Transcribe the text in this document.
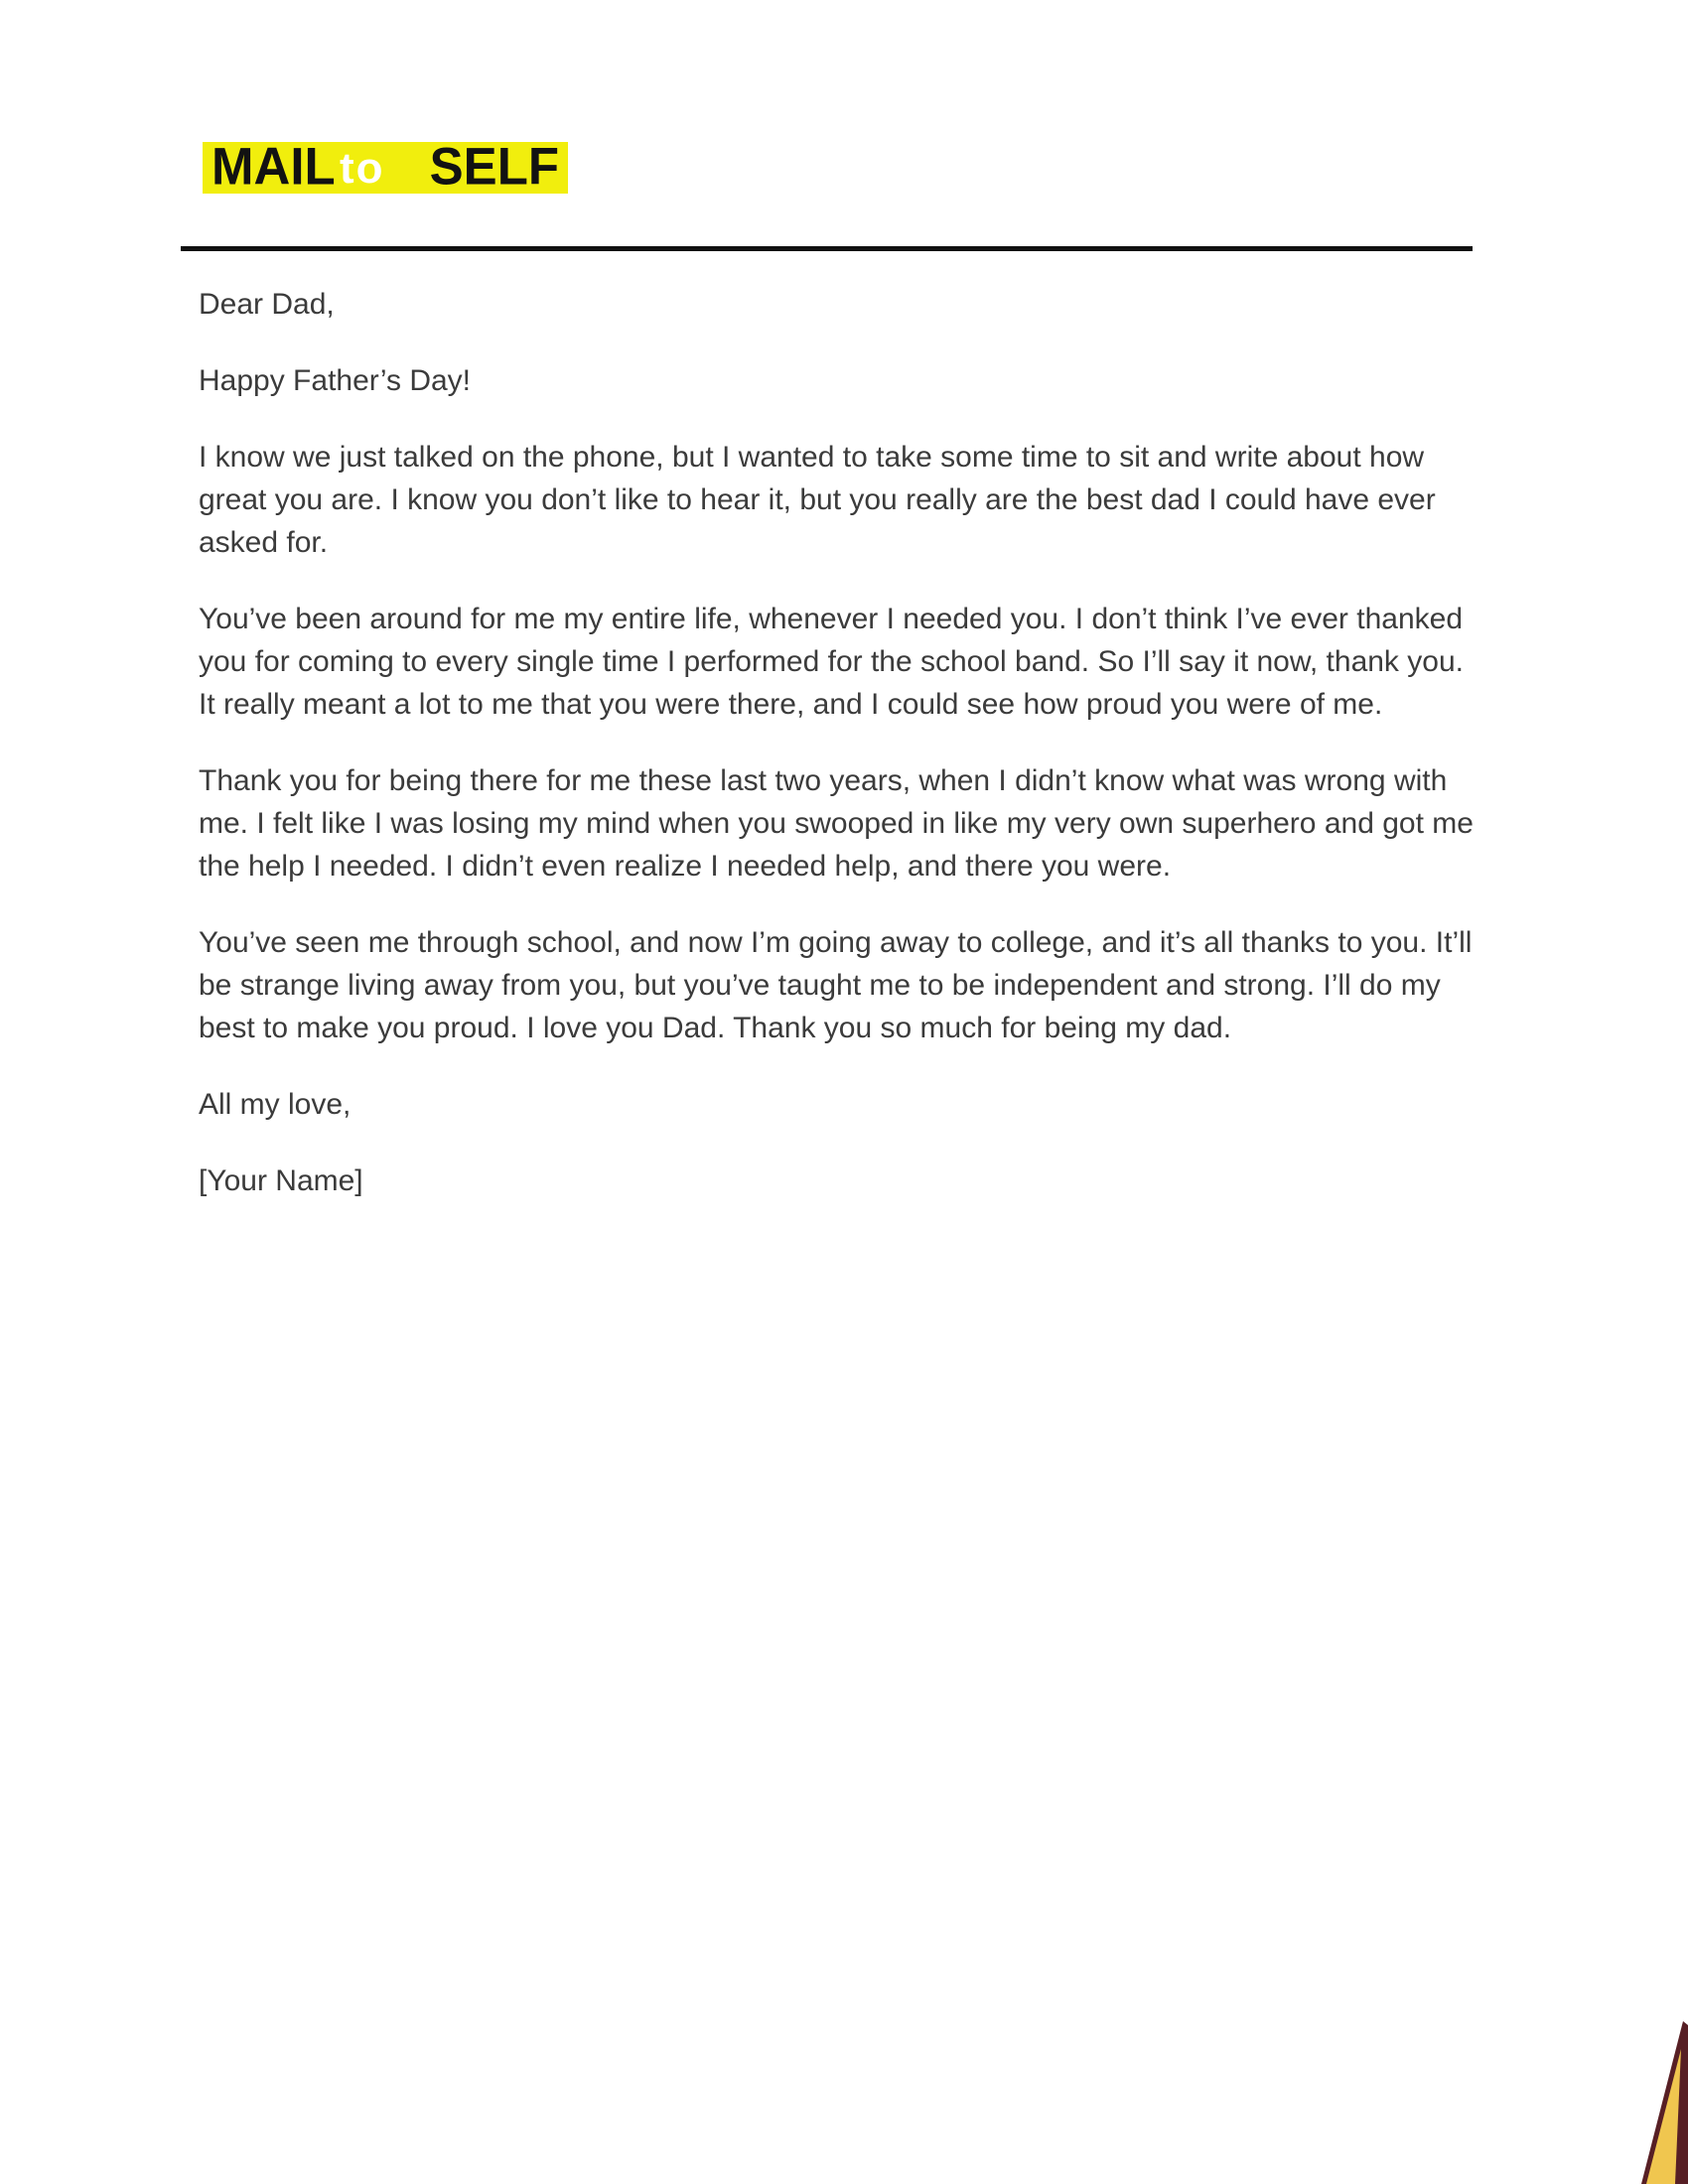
MAIL to SELF

Dear Dad,

Happy Father’s Day!

I know we just talked on the phone, but I wanted to take some time to sit and write about how great you are. I know you don’t like to hear it, but you really are the best dad I could have ever asked for.

You’ve been around for me my entire life, whenever I needed you. I don’t think I’ve ever thanked you for coming to every single time I performed for the school band. So I’ll say it now, thank you. It really meant a lot to me that you were there, and I could see how proud you were of me.

Thank you for being there for me these last two years, when I didn’t know what was wrong with me. I felt like I was losing my mind when you swooped in like my very own superhero and got me the help I needed. I didn’t even realize I needed help, and there you were.

You’ve seen me through school, and now I’m going away to college, and it’s all thanks to you. It’ll be strange living away from you, but you’ve taught me to be independent and strong. I’ll do my best to make you proud. I love you Dad. Thank you so much for being my dad.

All my love,

[Your Name]
